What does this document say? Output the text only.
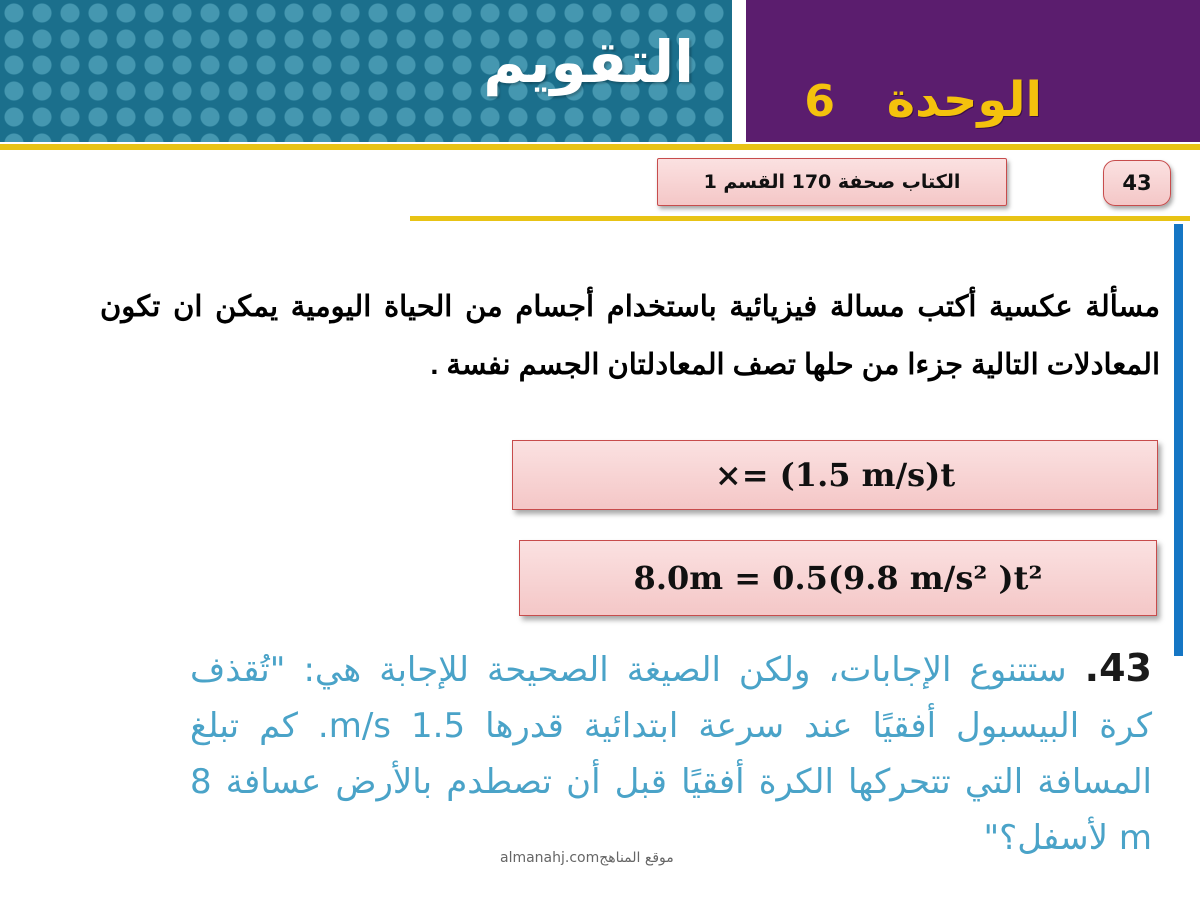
التقويم
الوحدة
6
الكتاب صحفة 170 القسم 1	43
مسألة عكسية أكتب مسالة فيزيائية باستخدام أجسام من الحياة اليومية يمكن ان تكون المعادلات التالية جزءا من حلها تصف المعادلتان الجسم نفسة .
×= (1.5 m/s)t
8.0m = 0.5(9.8 m/s² )t²
43. ستتنوع الإجابات، ولكن الصيغة الصحيحة للإجابة هي: "تُقذف كرة البيسبول أفقيًا عند سرعة ابتدائية قدرها 1.5 m/s. كم تبلغ المسافة التي تتحركها الكرة أفقيًا قبل أن تصطدم بالأرض عسافة 8 m لأسفل؟"
almanahj.comموقع المناهج
